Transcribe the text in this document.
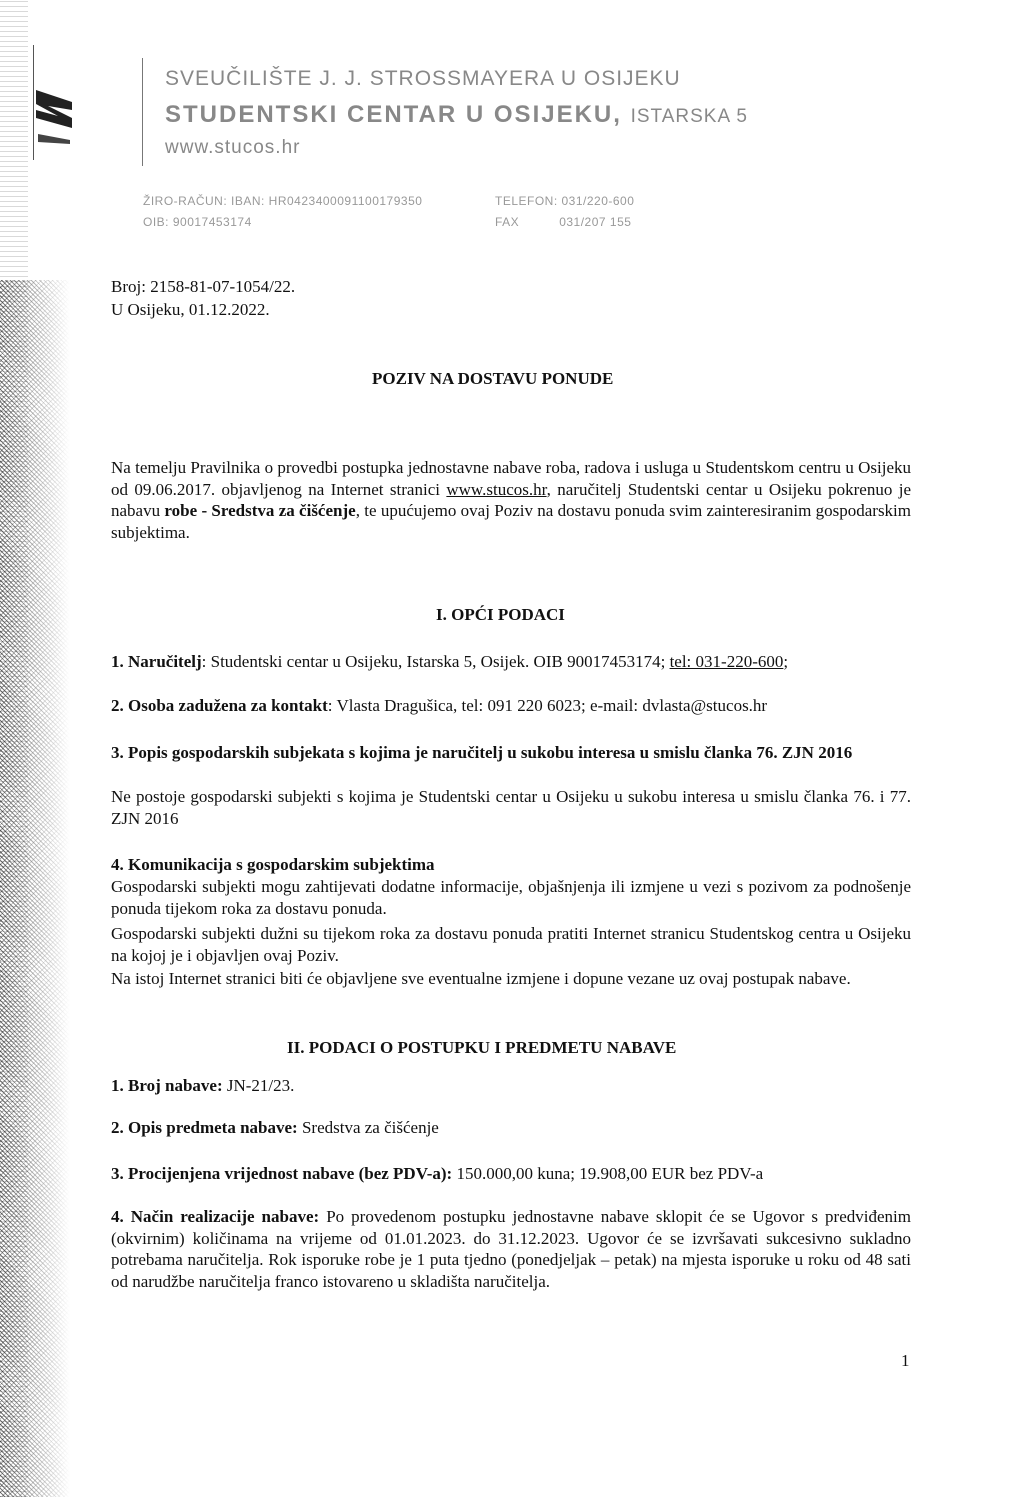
SVEUČILIŠTE J. J. STROSSMAYERA U OSIJEKU
STUDENTSKI CENTAR U OSIJEKU, ISTARSKA 5
www.stucos.hr
ŽIRO-RAČUN: IBAN: HR0423400091100179350
OIB: 90017453174
TELEFON: 031/220-600
FAX	031/207 155
Broj: 2158-81-07-1054/22.
U Osijeku, 01.12.2022.
POZIV NA DOSTAVU PONUDE
Na temelju Pravilnika o provedbi postupka jednostavne nabave roba, radova i usluga u Studentskom centru u Osijeku od 09.06.2017. objavljenog na Internet stranici www.stucos.hr, naručitelj Studentski centar u Osijeku pokrenuo je nabavu robe - Sredstva za čišćenje, te upućujemo ovaj Poziv na dostavu ponuda svim zainteresiranim gospodarskim subjektima.
I. OPĆI PODACI
1. Naručitelj: Studentski centar u Osijeku, Istarska 5, Osijek. OIB 90017453174; tel: 031-220-600;
2. Osoba zadužena za kontakt: Vlasta Dragušica, tel: 091 220 6023; e-mail: dvlasta@stucos.hr
3. Popis gospodarskih subjekata s kojima je naručitelj u sukobu interesa u smislu članka 76. ZJN 2016
Ne postoje gospodarski subjekti s kojima je Studentski centar u Osijeku u sukobu interesa u smislu članka 76. i 77. ZJN 2016
4. Komunikacija s gospodarskim subjektima
Gospodarski subjekti mogu zahtijevati dodatne informacije, objašnjenja ili izmjene u vezi s pozivom za podnošenje ponuda tijekom roka za dostavu ponuda.
Gospodarski subjekti dužni su tijekom roka za dostavu ponuda pratiti Internet stranicu Studentskog centra u Osijeku na kojoj je i objavljen ovaj Poziv.
Na istoj Internet stranici biti će objavljene sve eventualne izmjene i dopune vezane uz ovaj postupak nabave.
II. PODACI O POSTUPKU I PREDMETU NABAVE
1. Broj nabave: JN-21/23.
2. Opis predmeta nabave: Sredstva za čišćenje
3. Procijenjena vrijednost nabave (bez PDV-a): 150.000,00 kuna; 19.908,00 EUR bez PDV-a
4. Način realizacije nabave: Po provedenom postupku jednostavne nabave sklopit će se Ugovor s predviđenim (okvirnim) količinama na vrijeme od 01.01.2023. do 31.12.2023. Ugovor će se izvršavati sukcesivno sukladno potrebama naručitelja. Rok isporuke robe je 1 puta tjedno (ponedjeljak – petak) na mjesta isporuke u roku od 48 sati od narudžbe naručitelja franco istovareno u skladišta naručitelja.
1
